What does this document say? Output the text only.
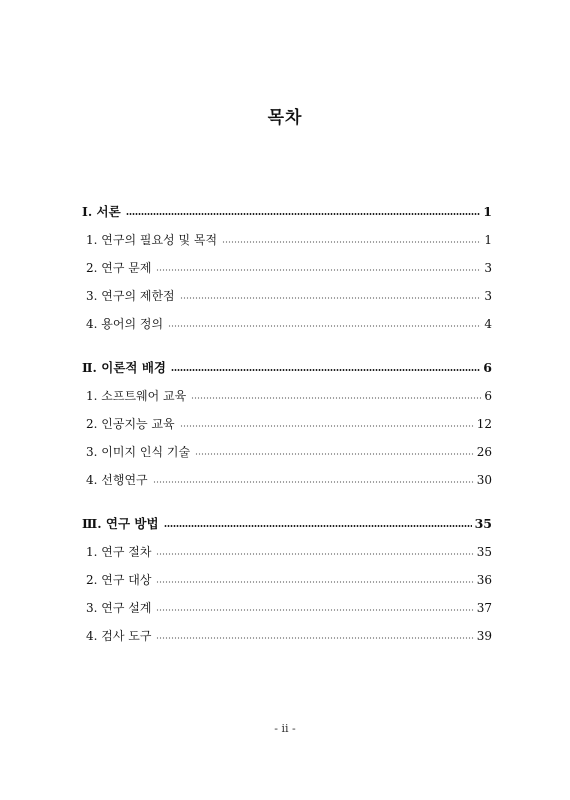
목차
Ⅰ. 서론	1
1. 연구의 필요성 및 목적	1
2. 연구 문제	3
3. 연구의 제한점	3
4. 용어의 정의	4
Ⅱ. 이론적 배경	6
1. 소프트웨어 교육	6
2. 인공지능 교육	12
3. 이미지 인식 기술	26
4. 선행연구	30
Ⅲ. 연구 방법	35
1. 연구 절차	35
2. 연구 대상	36
3. 연구 설계	37
4. 검사 도구	39
- ii -
